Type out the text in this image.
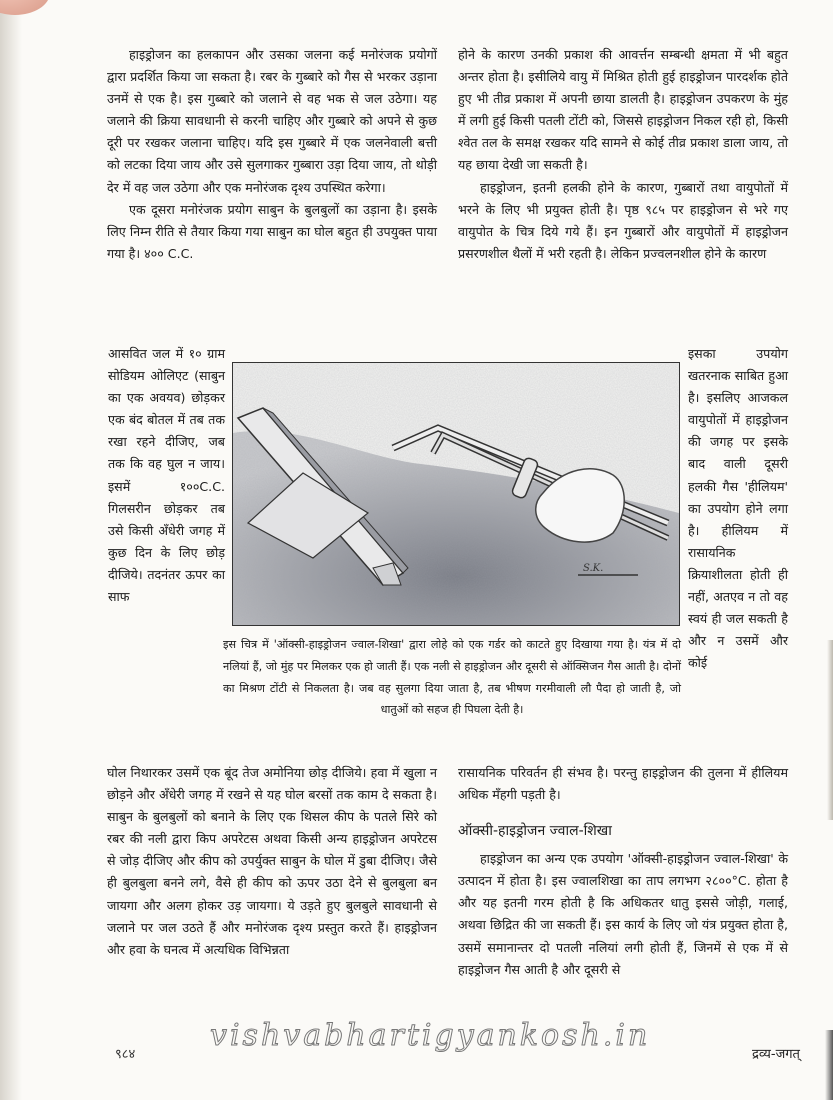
हाइड्रोजन का हलकापन और उसका जलना कई मनोरंजक प्रयोगों द्वारा प्रदर्शित किया जा सकता है। रबर के गुब्बारे को गैस से भरकर उड़ाना उनमें से एक है। इस गुब्बारे को जलाने से वह भक से जल उठेगा। यह जलाने की क्रिया सावधानी से करनी चाहिए और गुब्बारे को अपने से कुछ दूरी पर रखकर जलाना चाहिए। यदि इस गुब्बारे में एक जलनेवाली बत्ती को लटका दिया जाय और उसे सुलगाकर गुब्बारा उड़ा दिया जाय, तो थोड़ी देर में वह जल उठेगा और एक मनोरंजक दृश्य उपस्थित करेगा।

एक दूसरा मनोरंजक प्रयोग साबुन के बुलबुलों का उड़ाना है। इसके लिए निम्न रीति से तैयार किया गया साबुन का घोल बहुत ही उपयुक्त पाया गया है। ४०० C.C.

होने के कारण उनकी प्रकाश की आवर्त्तन सम्बन्धी क्षमता में भी बहुत अन्तर होता है। इसीलिये वायु में मिश्रित होती हुई हाइड्रोजन पारदर्शक होते हुए भी तीव्र प्रकाश में अपनी छाया डालती है। हाइड्रोजन उपकरण के मुंह में लगी हुई किसी पतली टोंटी को, जिससे हाइड्रोजन निकल रही हो, किसी श्वेत तल के समक्ष रखकर यदि सामने से कोई तीव्र प्रकाश डाला जाय, तो यह छाया देखी जा सकती है।

हाइड्रोजन, इतनी हलकी होने के कारण, गुब्बारों तथा वायुपोतों में भरने के लिए भी प्रयुक्त होती है। पृष्ठ ९८५ पर हाइड्रोजन से भरे गए वायुपोत के चित्र दिये गये हैं। इन गुब्बारों और वायुपोतों में हाइड्रोजन प्रसरणशील थैलों में भरी रहती है। लेकिन प्रज्वलनशील होने के कारण

आसवित जल में १० ग्राम सोडियम ओलिएट (साबुन का एक अवयव) छोड़कर एक बंद बोतल में तब तक रखा रहने दीजिए, जब तक कि वह घुल न जाय। इसमें १००C.C. गिलसरीन छोड़कर तब उसे किसी अँधेरी जगह में कुछ दिन के लिए छोड़ दीजिये। तदनंतर ऊपर का साफ

इसका उपयोग खतरनाक साबित हुआ है। इसलिए आजकल वायुपोतों में हाइड्रोजन की जगह पर इसके बाद वाली दूसरी हलकी गैस 'हीलियम' का उपयोग होने लगा है। हीलियम में रासायनिक क्रियाशीलता होती ही नहीं, अतएव न तो वह स्वयं ही जल सकती है और न उसमें और कोई

S.K.
इस चित्र में 'ऑक्सी-हाइड्रोजन ज्वाल-शिखा' द्वारा लोहे को एक गर्डर को काटते हुए दिखाया गया है। यंत्र में दो नलियां हैं, जो मुंह पर मिलकर एक हो जाती हैं। एक नली से हाइड्रोजन और दूसरी से ऑक्सिजन गैस आती है। दोनों का मिश्रण टोंटी से निकलता है। जब वह सुलगा दिया जाता है, तब भीषण गरमीवाली लौ पैदा हो जाती है, जो धातुओं को सहज ही पिघला देती है।

घोल निथारकर उसमें एक बूंद तेज अमोनिया छोड़ दीजिये। हवा में खुला न छोड़ने और अँधेरी जगह में रखने से यह घोल बरसों तक काम दे सकता है। साबुन के बुलबुलों को बनाने के लिए एक थिसल कीप के पतले सिरे को रबर की नली द्वारा किप अपरेटस अथवा किसी अन्य हाइड्रोजन अपरेटस से जोड़ दीजिए और कीप को उपर्युक्त साबुन के घोल में डुबा दीजिए। जैसे ही बुलबुला बनने लगे, वैसे ही कीप को ऊपर उठा देने से बुलबुला बन जायगा और अलग होकर उड़ जायगा। ये उड़ते हुए बुलबुले सावधानी से जलाने पर जल उठते हैं और मनोरंजक दृश्य प्रस्तुत करते हैं। हाइड्रोजन और हवा के घनत्व में अत्यधिक विभिन्नता

रासायनिक परिवर्तन ही संभव है। परन्तु हाइड्रोजन की तुलना में हीलियम अधिक मँहगी पड़ती है।

ऑक्सी-हाइड्रोजन ज्वाल-शिखा

हाइड्रोजन का अन्य एक उपयोग 'ऑक्सी-हाइड्रोजन ज्वाल-शिखा' के उत्पादन में होता है। इस ज्वालशिखा का ताप लगभग २८००°C. होता है और यह इतनी गरम होती है कि अधिकतर धातु इससे जोड़ी, गलाई, अथवा छिद्रित की जा सकती हैं। इस कार्य के लिए जो यंत्र प्रयुक्त होता है, उसमें समानान्तर दो पतली नलियां लगी होती हैं, जिनमें से एक में से हाइड्रोजन गैस आती है और दूसरी से

९८४
vishvabhartigyankosh.in
द्रव्य-जगत्
